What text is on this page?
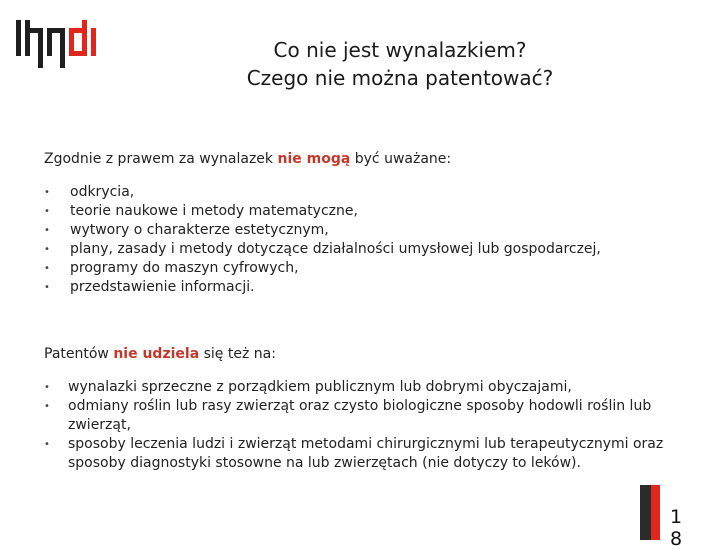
Co nie jest wynalazkiem?
Czego nie można patentować?
Zgodnie z prawem za wynalazek nie mogą być uważane:
• odkrycia,
• teorie naukowe i metody matematyczne,
• wytwory o charakterze estetycznym,
• plany, zasady i metody dotyczące działalności umysłowej lub gospodarczej,
• programy do maszyn cyfrowych,
• przedstawienie informacji.
Patentów nie udziela się też na:
• wynalazki sprzeczne z porządkiem publicznym lub dobrymi obyczajami,
• odmiany roślin lub rasy zwierząt oraz czysto biologiczne sposoby hodowli roślin lub zwierząt,
• sposoby leczenia ludzi i zwierząt metodami chirurgicznymi lub terapeutycznymi oraz sposoby diagnostyki stosowne na lub zwierzętach (nie dotyczy to leków).
1
8
